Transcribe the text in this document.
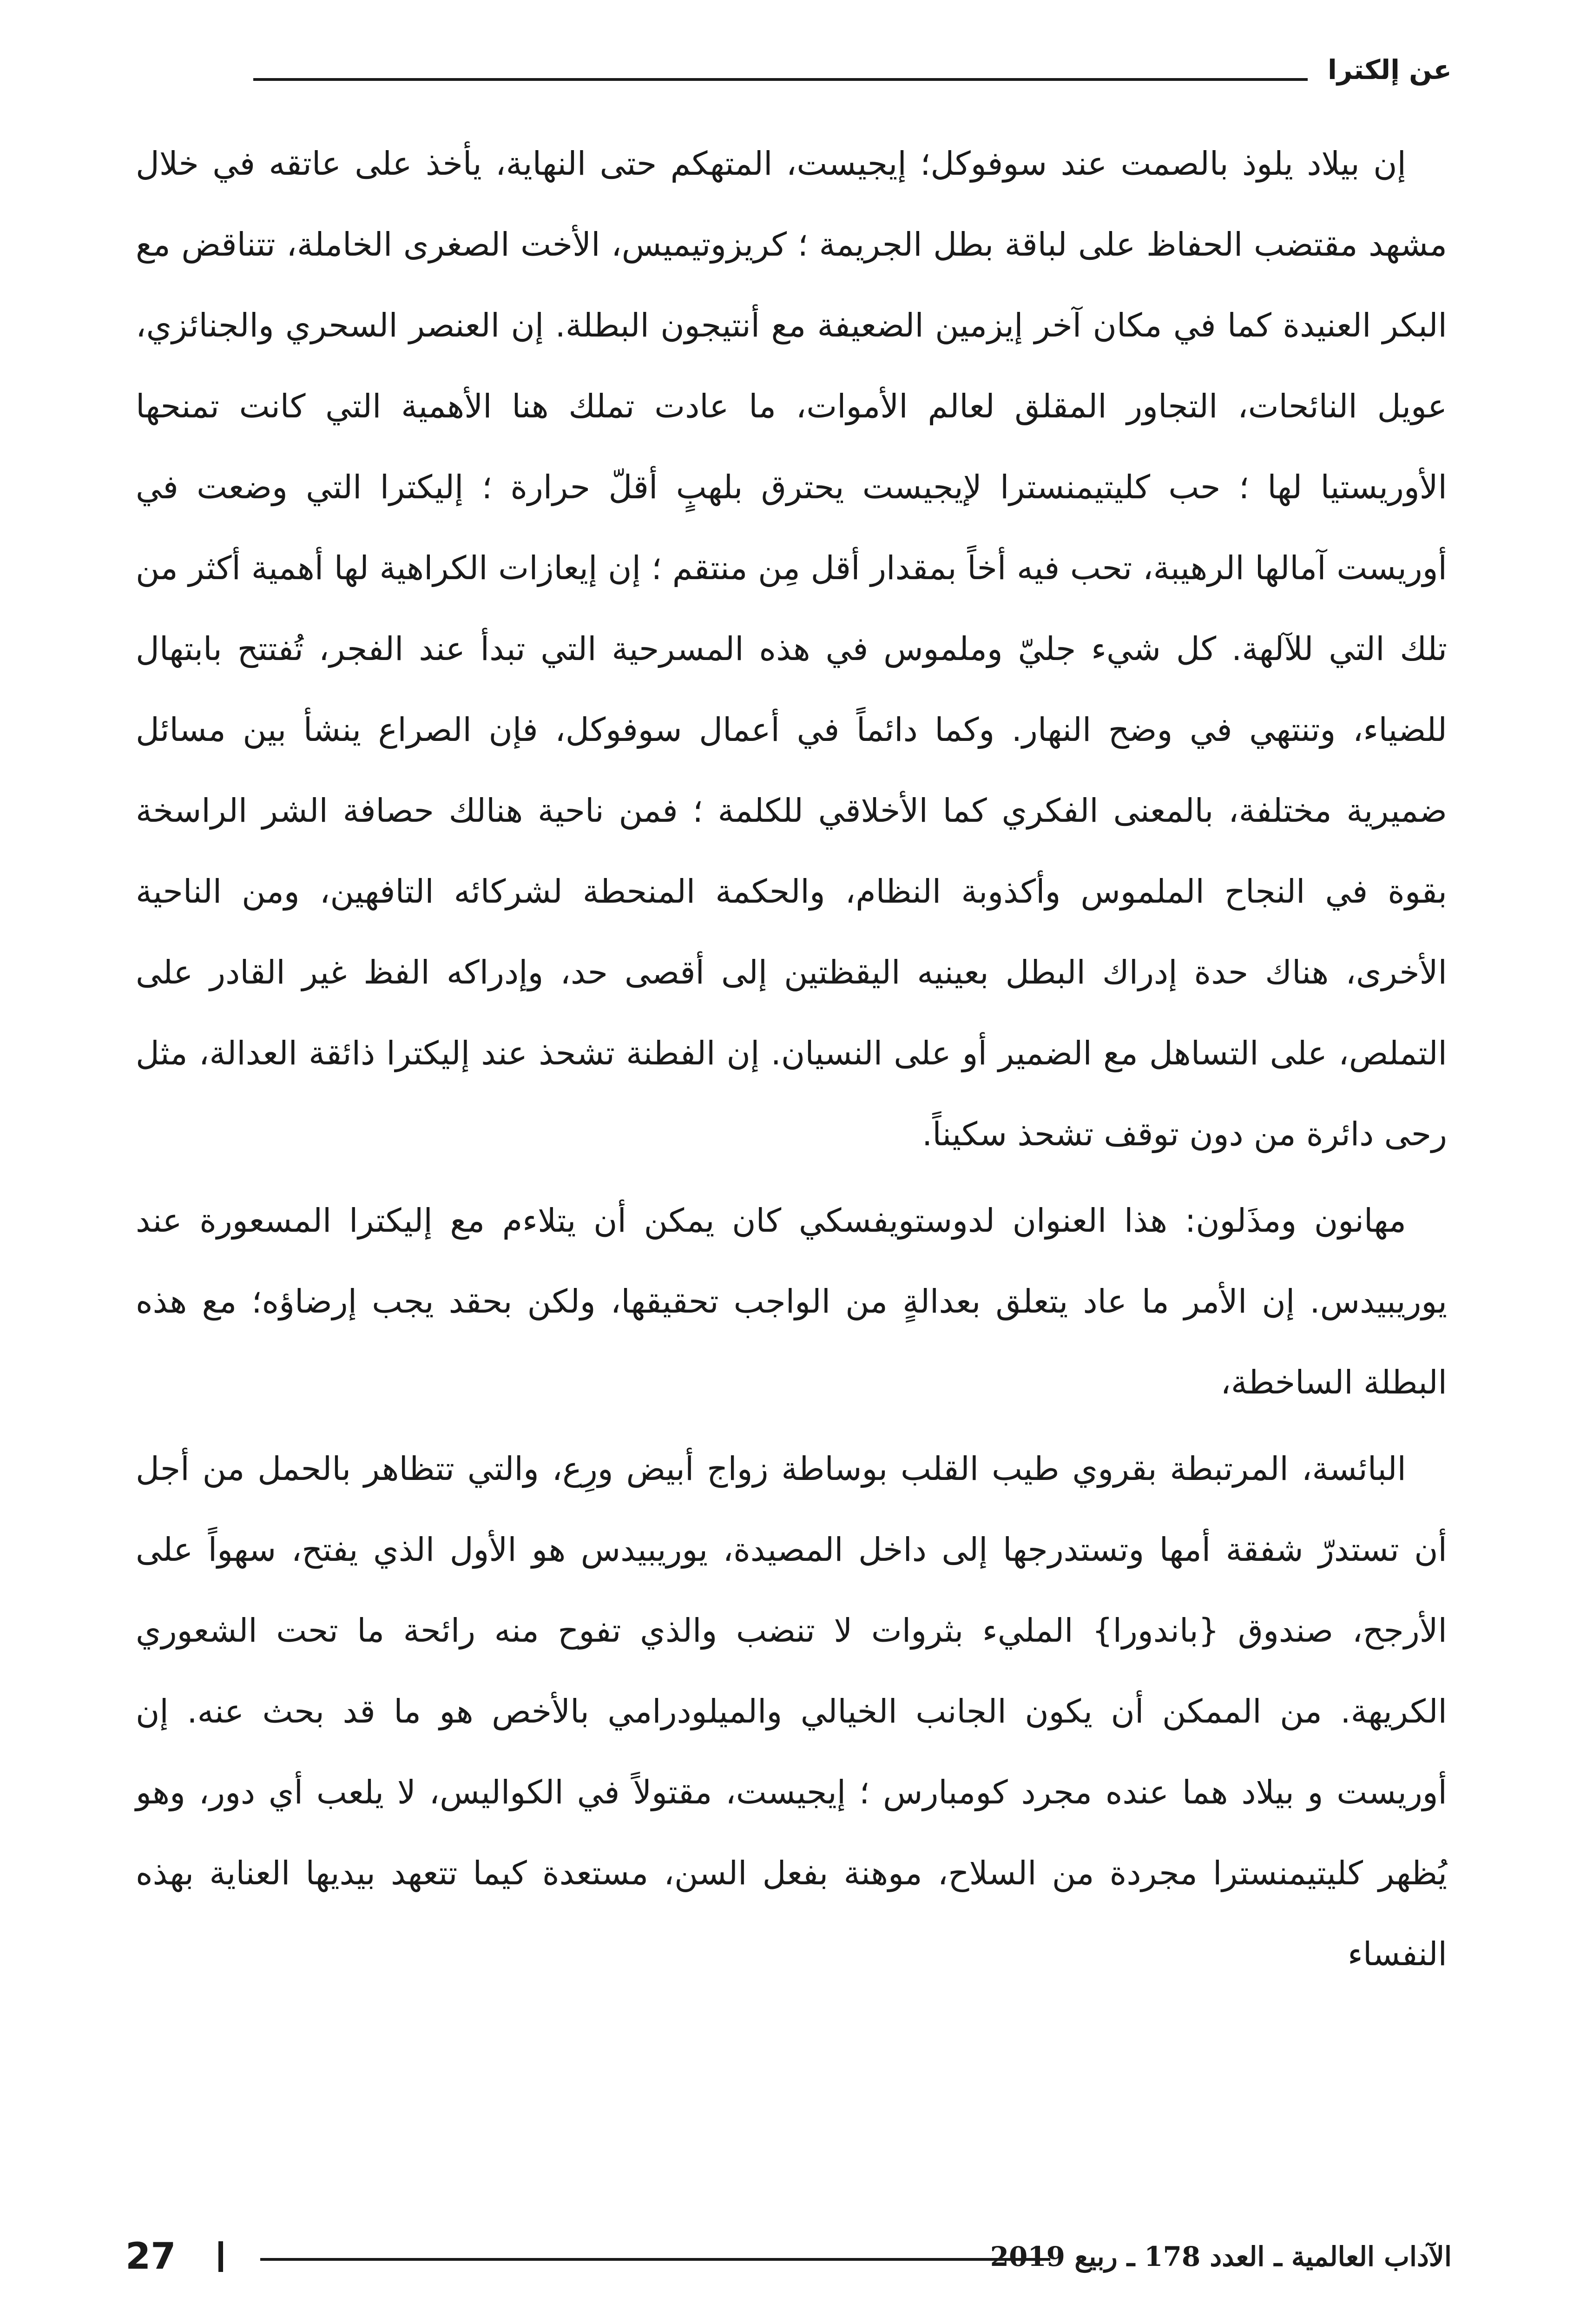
عن إلكترا

إن بيلاد يلوذ بالصمت عند سوفوكل؛ إيجيست، المتهكم حتى النهاية، يأخذ على عاتقه في خلال مشهد مقتضب الحفاظ على لباقة بطل الجريمة ؛ كريزوتيميس، الأخت الصغرى الخاملة، تتناقض مع البكر العنيدة كما في مكان آخر إيزمين الضعيفة مع أنتيجون البطلة. إن العنصر السحري والجنائزي، عويل النائحات، التجاور المقلق لعالم الأموات، ما عادت تملك هنا الأهمية التي كانت تمنحها الأوريستيا لها ؛ حب كليتيمنسترا لإيجيست يحترق بلهبٍ أقلّ حرارة ؛ إليكترا التي وضعت في أوريست آمالها الرهيبة، تحب فيه أخاً بمقدار أقل مِن منتقم ؛ إن إيعازات الكراهية لها أهمية أكثر من تلك التي للآلهة. كل شيء جليّ وملموس في هذه المسرحية التي تبدأ عند الفجر، تُفتتح بابتهال للضياء، وتنتهي في وضح النهار. وكما دائماً في أعمال سوفوكل، فإن الصراع ينشأ بين مسائل ضميرية مختلفة، بالمعنى الفكري كما الأخلاقي للكلمة ؛ فمن ناحية هنالك حصافة الشر الراسخة بقوة في النجاح الملموس وأكذوبة النظام، والحكمة المنحطة لشركائه التافهين، ومن الناحية الأخرى، هناك حدة إدراك البطل بعينيه اليقظتين إلى أقصى حد، وإدراكه الفظ غير القادر على التملص، على التساهل مع الضمير أو على النسيان. إن الفطنة تشحذ عند إليكترا ذائقة العدالة، مثل رحى دائرة من دون توقف تشحذ سكيناً.

مهانون ومذَلون: هذا العنوان لدوستويفسكي كان يمكن أن يتلاءم مع إليكترا المسعورة عند يوريبيدس. إن الأمر ما عاد يتعلق بعدالةٍ من الواجب تحقيقها، ولكن بحقد يجب إرضاؤه؛ مع هذه البطلة الساخطة،

البائسة، المرتبطة بقروي طيب القلب بوساطة زواج أبيض ورِع، والتي تتظاهر بالحمل من أجل أن تستدرّ شفقة أمها وتستدرجها إلى داخل المصيدة، يوريبيدس هو الأول الذي يفتح، سهواً على الأرجح، صندوق {باندورا} المليء بثروات لا تنضب والذي تفوح منه رائحة ما تحت الشعوري الكريهة. من الممكن أن يكون الجانب الخيالي والميلودرامي بالأخص هو ما قد بحث عنه. إن أوريست و بيلاد هما عنده مجرد كومبارس ؛ إيجيست، مقتولاً في الكواليس، لا يلعب أي دور، وهو يُظهر كليتيمنسترا مجردة من السلاح، موهنة بفعل السن، مستعدة كيما تتعهد بيديها العناية بهذه النفساء

27	الآداب العالمية ـ العدد 178 ـ ربيع 2019
